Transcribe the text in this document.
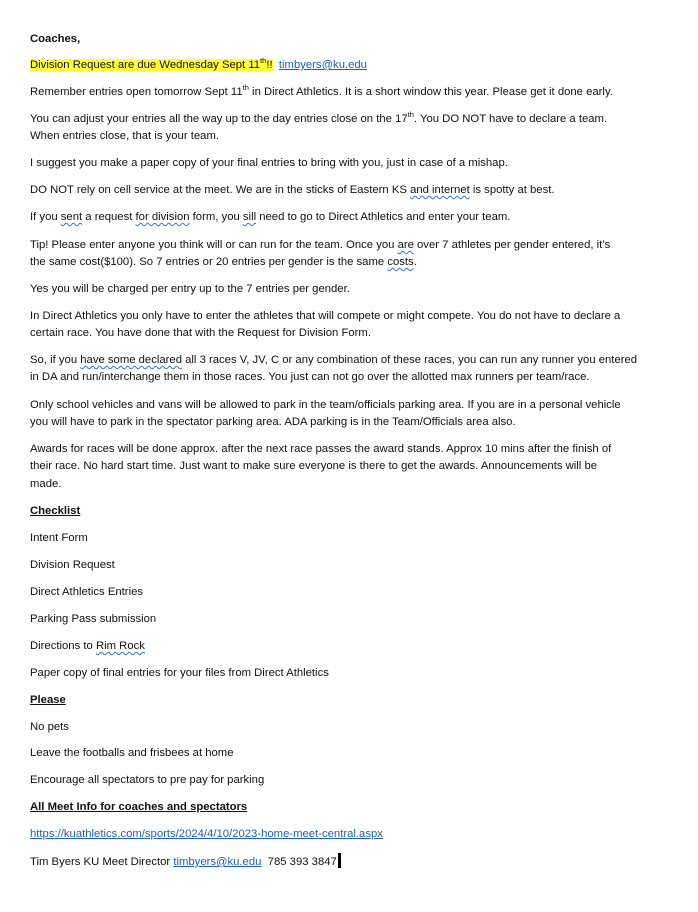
Coaches,

Division Request are due Wednesday Sept 11th!! timbyers@ku.edu

Remember entries open tomorrow Sept 11th in Direct Athletics. It is a short window this year. Please get it done early.

You can adjust your entries all the way up to the day entries close on the 17th. You DO NOT have to declare a team.

When entries close, that is your team.

I suggest you make a paper copy of your final entries to bring with you, just in case of a mishap.

DO NOT rely on cell service at the meet. We are in the sticks of Eastern KS and internet is spotty at best.

If you sent a request for division form, you sill need to go to Direct Athletics and enter your team.

Tip! Please enter anyone you think will or can run for the team. Once you are over 7 athletes per gender entered, it’s

the same cost($100). So 7 entries or 20 entries per gender is the same costs.

Yes you will be charged per entry up to the 7 entries per gender.

In Direct Athletics you only have to enter the athletes that will compete or might compete. You do not have to declare a

certain race. You have done that with the Request for Division Form.

So, if you have some declared all 3 races V, JV, C or any combination of these races, you can run any runner you entered

in DA and run/interchange them in those races. You just can not go over the allotted max runners per team/race.

Only school vehicles and vans will be allowed to park in the team/officials parking area. If you are in a personal vehicle

you will have to park in the spectator parking area. ADA parking is in the Team/Officials area also.

Awards for races will be done approx. after the next race passes the award stands. Approx 10 mins after the finish of

their race. No hard start time. Just want to make sure everyone is there to get the awards. Announcements will be

made.

Checklist

Intent Form

Division Request

Direct Athletics Entries

Parking Pass submission

Directions to Rim Rock

Paper copy of final entries for your files from Direct Athletics

Please

No pets

Leave the footballs and frisbees at home

Encourage all spectators to pre pay for parking

All Meet Info for coaches and spectators

https://kuathletics.com/sports/2024/4/10/2023-home-meet-central.aspx

Tim Byers KU Meet Director timbyers@ku.edu  785 393 3847
